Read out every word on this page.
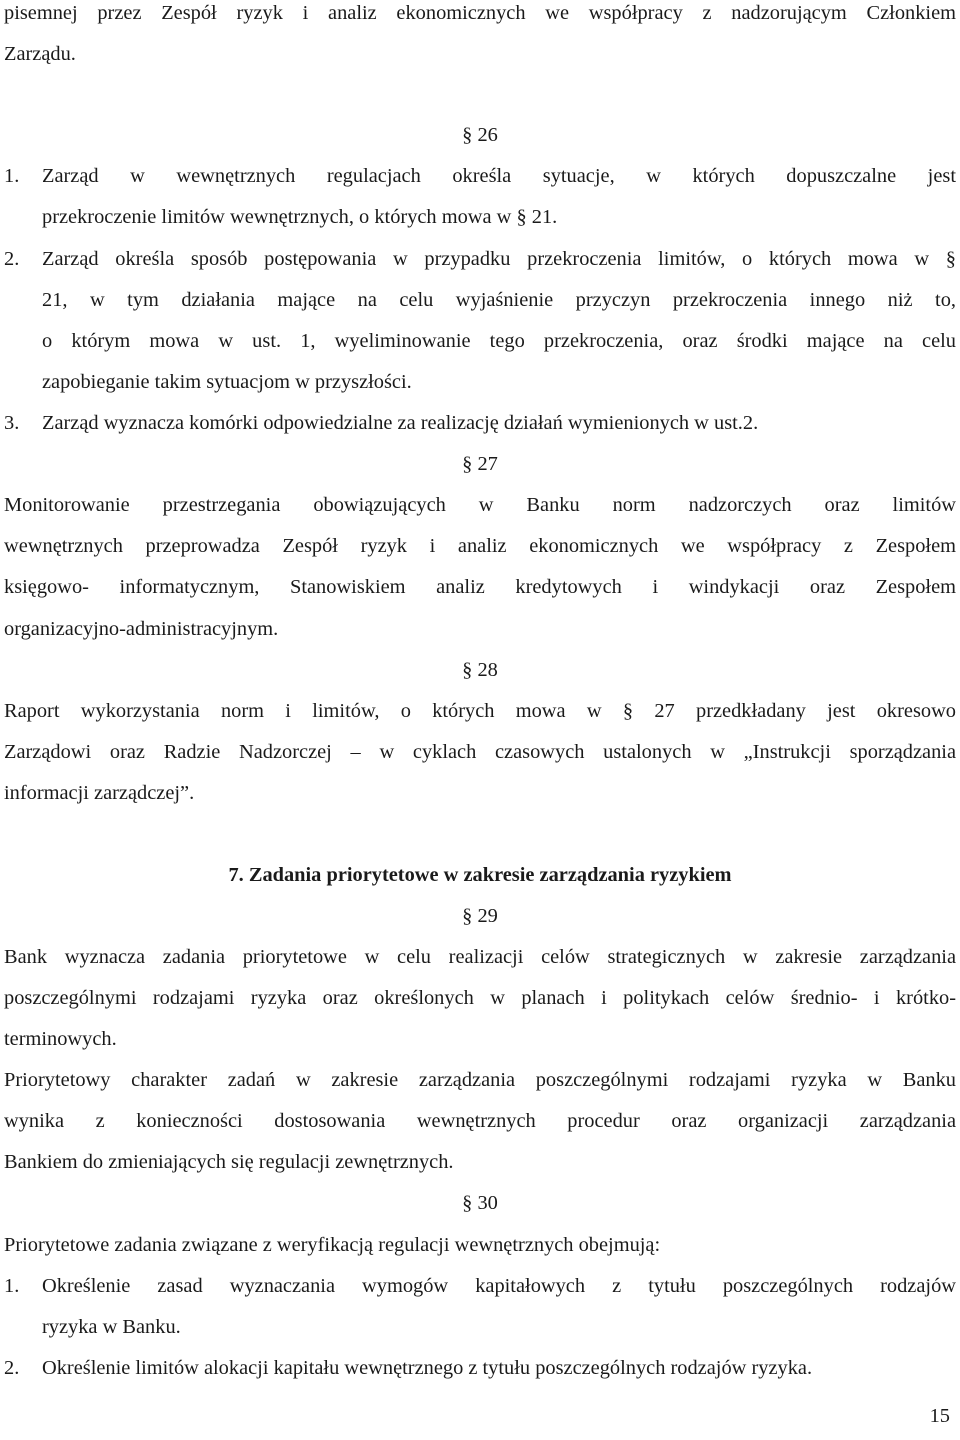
pisemnej przez Zespół ryzyk i analiz ekonomicznych we współpracy z nadzorującym Członkiem
Zarządu.
§ 26
1.	Zarząd w wewnętrznych regulacjach określa sytuacje, w których dopuszczalne jest
przekroczenie limitów wewnętrznych, o których mowa w § 21.
2.	Zarząd określa sposób postępowania w przypadku przekroczenia limitów, o których mowa w §
21, w tym działania mające na celu wyjaśnienie przyczyn przekroczenia innego niż to,
o którym mowa w ust. 1, wyeliminowanie tego przekroczenia, oraz środki mające na celu
zapobieganie takim sytuacjom w przyszłości.
3.	Zarząd wyznacza komórki odpowiedzialne za realizację działań wymienionych w ust.2.
§ 27
Monitorowanie przestrzegania obowiązujących w Banku norm nadzorczych oraz limitów
wewnętrznych przeprowadza Zespół ryzyk i analiz ekonomicznych we współpracy z Zespołem
księgowo- informatycznym, Stanowiskiem analiz kredytowych i windykacji oraz Zespołem
organizacyjno-administracyjnym.
§ 28
Raport wykorzystania norm i limitów, o których mowa w § 27 przedkładany jest okresowo
Zarządowi oraz Radzie Nadzorczej – w cyklach czasowych ustalonych w „Instrukcji sporządzania
informacji zarządczej”.
7. Zadania priorytetowe w zakresie zarządzania ryzykiem
§ 29
Bank wyznacza zadania priorytetowe w celu realizacji celów strategicznych w zakresie zarządzania
poszczególnymi rodzajami ryzyka oraz określonych w planach i politykach celów średnio- i krótko-
terminowych.
Priorytetowy charakter zadań w zakresie zarządzania poszczególnymi rodzajami ryzyka w Banku
wynika z konieczności dostosowania wewnętrznych procedur oraz organizacji zarządzania
Bankiem do zmieniających się regulacji zewnętrznych.
§ 30
Priorytetowe zadania związane z weryfikacją regulacji wewnętrznych obejmują:
1.	Określenie zasad wyznaczania wymogów kapitałowych z tytułu poszczególnych rodzajów
ryzyka w Banku.
2.	Określenie limitów alokacji kapitału wewnętrznego z tytułu poszczególnych rodzajów ryzyka.
15
